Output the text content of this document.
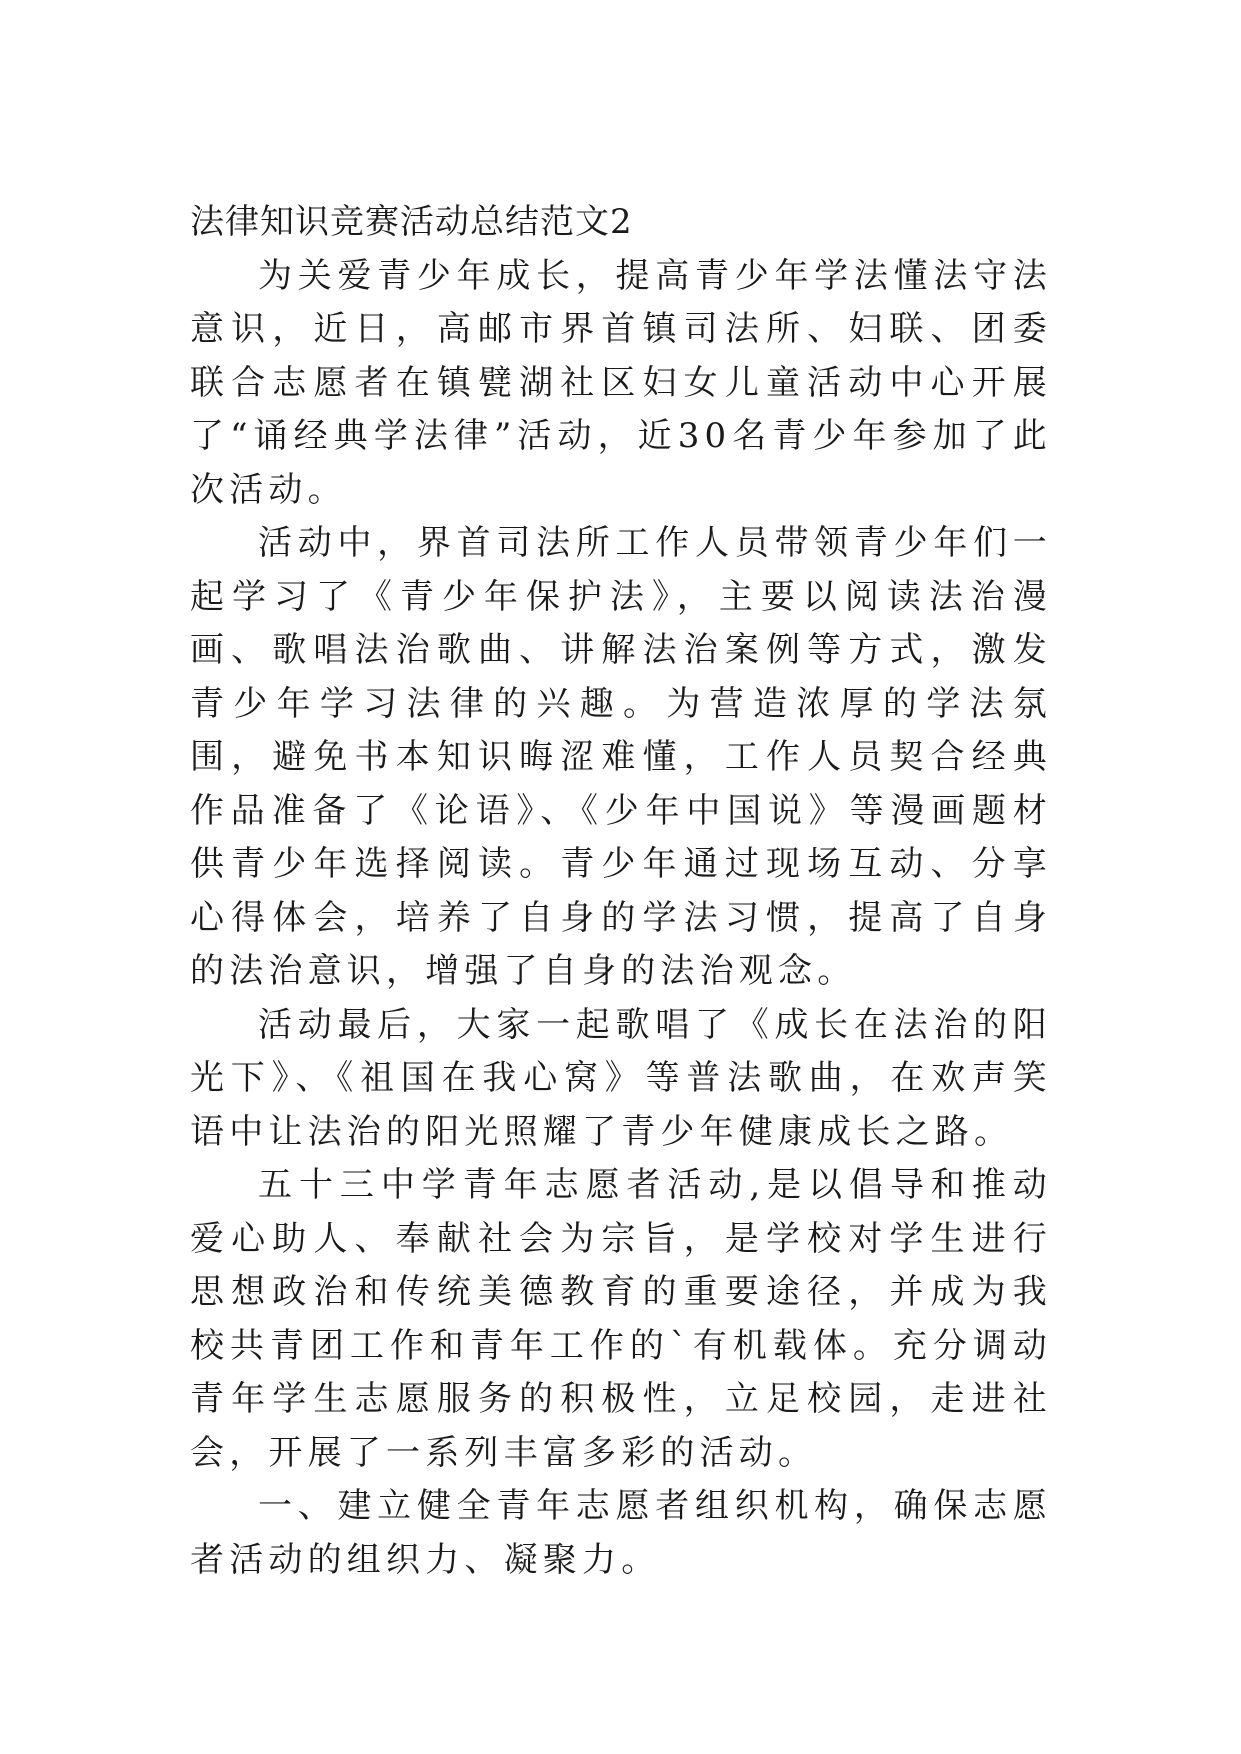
法律知识竞赛活动总结范文2

为关爱青少年成长，提高青少年学法懂法守法意识，近日，高邮市界首镇司法所、妇联、团委联合志愿者在镇甓湖社区妇女儿童活动中心开展了“诵经典学法律”活动，近30名青少年参加了此次活动。

活动中，界首司法所工作人员带领青少年们一起学习了《青少年保护法》，主要以阅读法治漫画、歌唱法治歌曲、讲解法治案例等方式，激发青少年学习法律的兴趣。为营造浓厚的学法氛围，避免书本知识晦涩难懂，工作人员契合经典作品准备了《论语》、《少年中国说》等漫画题材供青少年选择阅读。青少年通过现场互动、分享心得体会，培养了自身的学法习惯，提高了自身的法治意识，增强了自身的法治观念。

活动最后，大家一起歌唱了《成长在法治的阳光下》、《祖国在我心窝》等普法歌曲，在欢声笑语中让法治的阳光照耀了青少年健康成长之路。

五十三中学青年志愿者活动,是以倡导和推动爱心助人、奉献社会为宗旨，是学校对学生进行思想政治和传统美德教育的重要途径，并成为我校共青团工作和青年工作的`有机载体。充分调动青年学生志愿服务的积极性，立足校园，走进社会，开展了一系列丰富多彩的活动。

一、建立健全青年志愿者组织机构，确保志愿者活动的组织力、凝聚力。
